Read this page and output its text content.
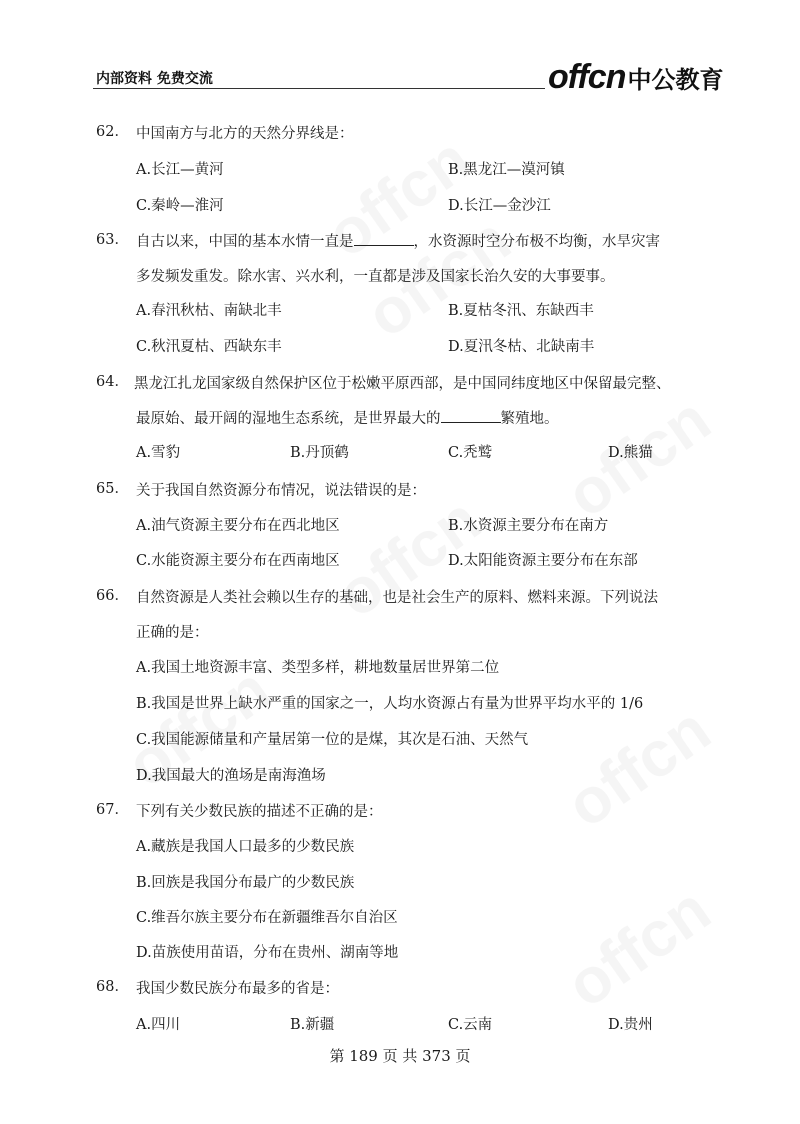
内部资料 免费交流	offcn 中公教育
62． 中国南方与北方的天然分界线是：
A.长江—黄河	B.黑龙江—漠河镇
C.秦岭—淮河	D.长江—金沙江
63． 自古以来，中国的基本水情一直是	，水资源时空分布极不均衡，水旱灾害
多发频发重发。除水害、兴水利，一直都是涉及国家长治久安的大事要事。
A.春汛秋枯、南缺北丰	B.夏枯冬汛、东缺西丰
C.秋汛夏枯、西缺东丰	D.夏汛冬枯、北缺南丰
64． 黑龙江扎龙国家级自然保护区位于松嫩平原西部，是中国同纬度地区中保留最完整、
最原始、最开阔的湿地生态系统，是世界最大的	繁殖地。
A.雪豹	B.丹顶鹤	C.秃鹫	D.熊猫
65． 关于我国自然资源分布情况，说法错误的是：
A.油气资源主要分布在西北地区	B.水资源主要分布在南方
C.水能资源主要分布在西南地区	D.太阳能资源主要分布在东部
66． 自然资源是人类社会赖以生存的基础，也是社会生产的原料、燃料来源。下列说法
正确的是：
A.我国土地资源丰富、类型多样，耕地数量居世界第二位
B.我国是世界上缺水严重的国家之一，人均水资源占有量为世界平均水平的 1/6
C.我国能源储量和产量居第一位的是煤，其次是石油、天然气
D.我国最大的渔场是南海渔场
67． 下列有关少数民族的描述不正确的是：
A.藏族是我国人口最多的少数民族
B.回族是我国分布最广的少数民族
C.维吾尔族主要分布在新疆维吾尔自治区
D.苗族使用苗语，分布在贵州、湖南等地
68． 我国少数民族分布最多的省是：
A.四川	B.新疆	C.云南	D.贵州
第 189 页 共 373 页
